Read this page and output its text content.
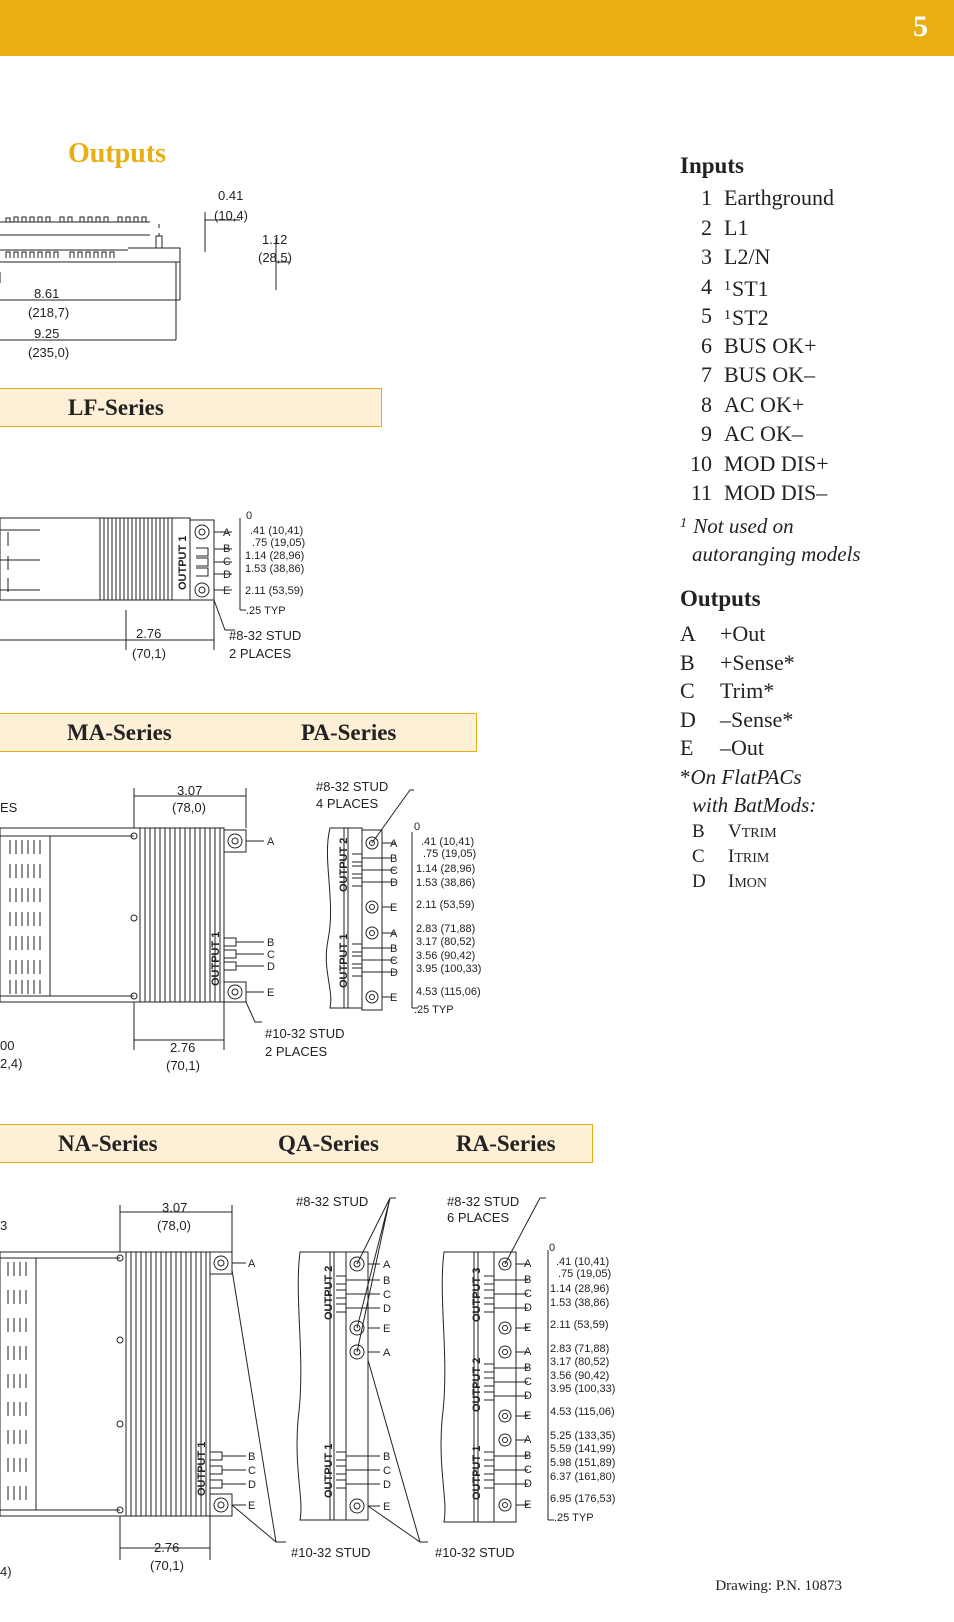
5
Outputs
LF-Series
MA-Series	PA-Series
NA-Series	QA-Series	RA-Series
0.41
(10,4)
1.12
(28,5)
8.61
(218,7)
9.25
(235,0)
OUTPUT 1
A
B
C
D
E
0
.41 (10,41)
.75 (19,05)
1.14 (28,96)
1.53 (38,86)
2.11 (53,59)
.25 TYP
2.76
(70,1)
#8-32 STUD
2 PLACES
3.07
(78,0)
ES
00
2,4)
OUTPUT 1
A
B
C
D
E
2.76
(70,1)
#10-32 STUD
2 PLACES
#8-32 STUD
4 PLACES
OUTPUT 2
OUTPUT 1
A
B
C
D
E
A
B
C
D
E
0
.41 (10,41)
.75 (19,05)
1.14 (28,96)
1.53 (38,86)
2.11 (53,59)
2.83 (71,88)
3.17 (80,52)
3.56 (90,42)
3.95 (100,33)
4.53 (115,06)
.25 TYP
3.07
(78,0)
3
4)
OUTPUT 1
A
B
C
D
E
2.76
(70,1)
#10-32 STUD
#8-32 STUD
OUTPUT 2
OUTPUT 1
A
B
C
D
E
A
B
C
D
E
#10-32 STUD
#8-32 STUD
6 PLACES
OUTPUT 3
OUTPUT 2
OUTPUT 1
A
B
C
D
E
A
B
C
D
E
A
B
C
D
E
0
.41 (10,41)
.75 (19,05)
1.14 (28,96)
1.53 (38,86)
2.11 (53,59)
2.83 (71,88)
3.17 (80,52)
3.56 (90,42)
3.95 (100,33)
4.53 (115,06)
5.25 (133,35)
5.59 (141,99)
5.98 (151,89)
6.37 (161,80)
6.95 (176,53)
.25 TYP
Inputs
1 Earthground
2 L1
3 L2/N
4 $^1$ST1
5 $^1$ST2
6 BUS OK+
7 BUS OK–
8 AC OK+
9 AC OK–
10 MOD DIS+
11 MOD DIS–
$^1$ Not used on
autoranging models
Outputs
A	+Out
B	+Sense*
C	Trim*
D	–Sense*
E	–Out
*On FlatPACs
with BatMods:
B	VTRIM
C	ITRIM
D	IMON
Drawing: P.N. 10873
